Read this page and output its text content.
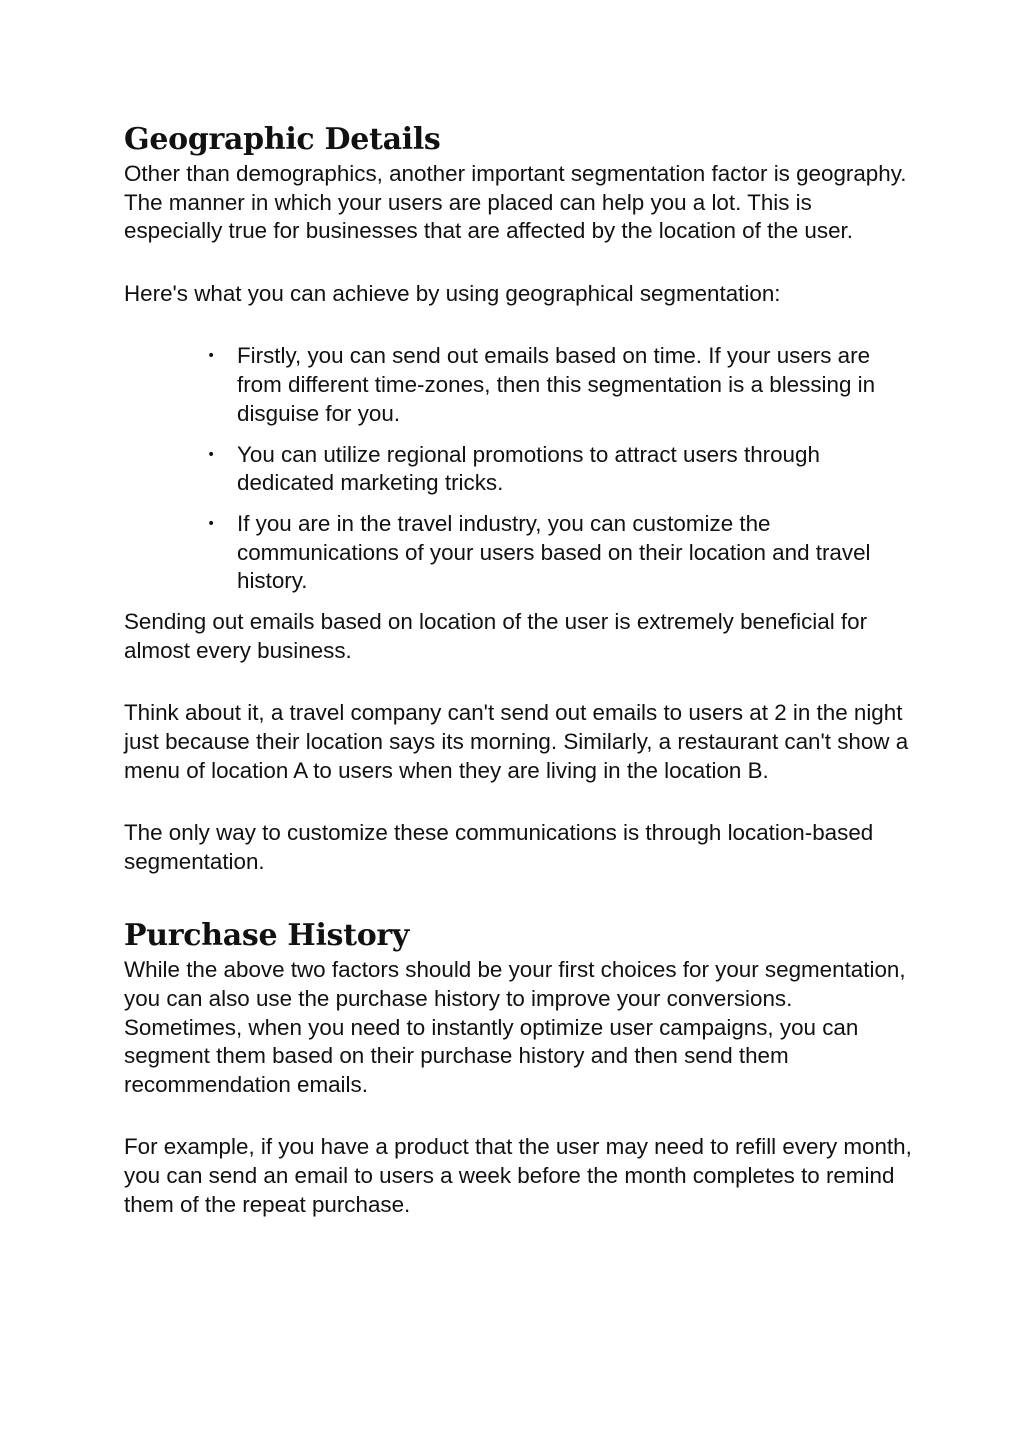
Geographic Details

Other than demographics, another important segmentation factor is geography. The manner in which your users are placed can help you a lot. This is especially true for businesses that are affected by the location of the user.

Here's what you can achieve by using geographical segmentation:

• Firstly, you can send out emails based on time. If your users are from different time-zones, then this segmentation is a blessing in disguise for you.
• You can utilize regional promotions to attract users through dedicated marketing tricks.
• If you are in the travel industry, you can customize the communications of your users based on their location and travel history.

Sending out emails based on location of the user is extremely beneficial for almost every business.

Think about it, a travel company can't send out emails to users at 2 in the night just because their location says its morning. Similarly, a restaurant can't show a menu of location A to users when they are living in the location B.

The only way to customize these communications is through location-based segmentation.

Purchase History

While the above two factors should be your first choices for your segmentation, you can also use the purchase history to improve your conversions. Sometimes, when you need to instantly optimize user campaigns, you can segment them based on their purchase history and then send them recommendation emails.

For example, if you have a product that the user may need to refill every month, you can send an email to users a week before the month completes to remind them of the repeat purchase.
